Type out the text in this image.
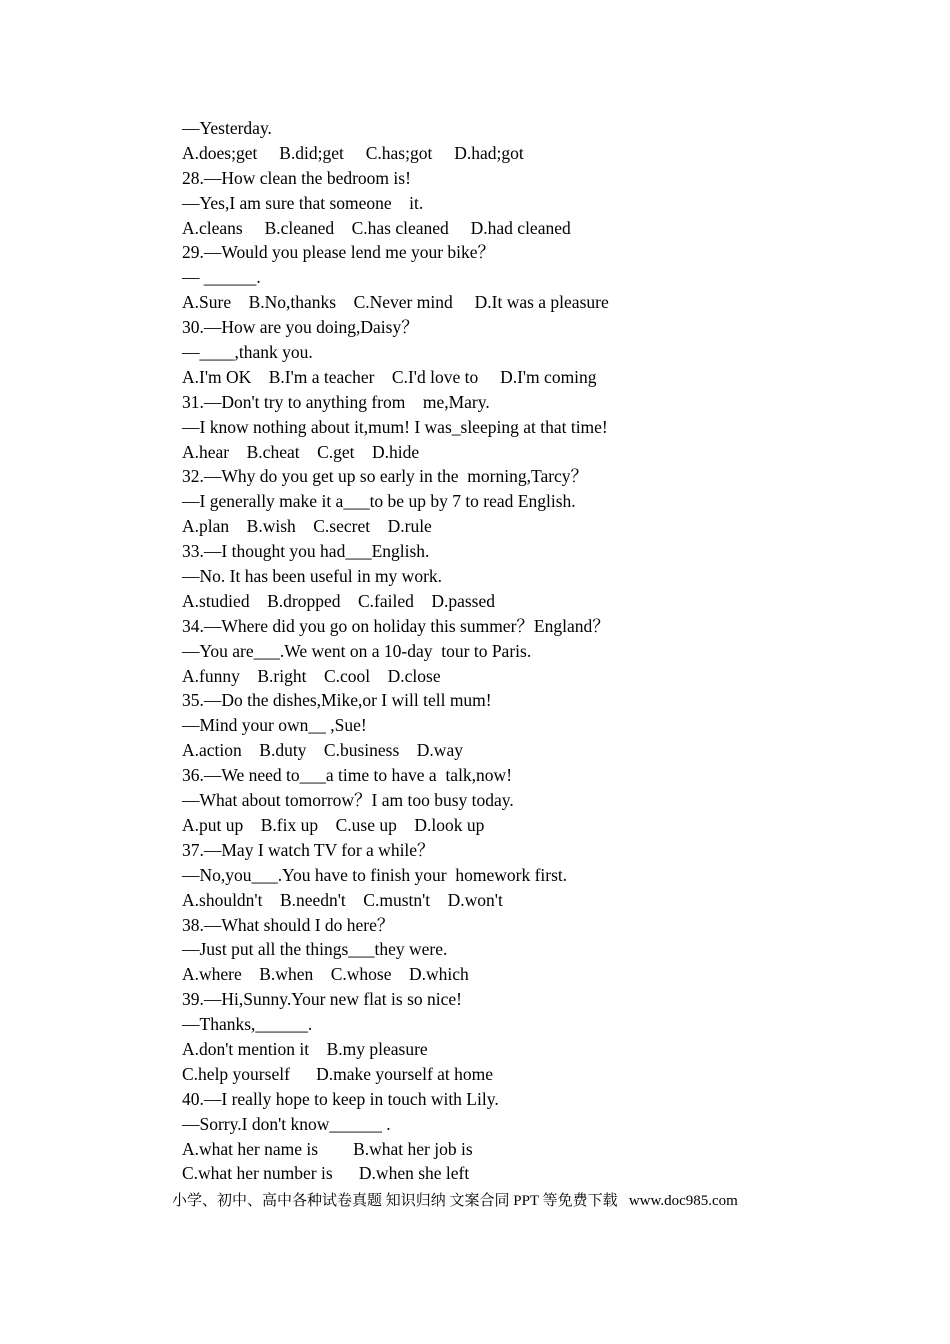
—Yesterday.
A.does;get     B.did;get     C.has;got     D.had;got
28.—How clean the bedroom is!
—Yes,I am sure that someone    it.
A.cleans     B.cleaned    C.has cleaned     D.had cleaned
29.—Would you please lend me your bike？
— ______.
A.Sure    B.No,thanks    C.Never mind     D.It was a pleasure
30.—How are you doing,Daisy？
—____,thank you.
A.I'm OK    B.I'm a teacher    C.I'd love to     D.I'm coming
31.—Don't try to anything from    me,Mary.
—I know nothing about it,mum! I was_sleeping at that time!
A.hear    B.cheat    C.get    D.hide
32.—Why do you get up so early in the  morning,Tarcy？
—I generally make it a___to be up by 7 to read English.
A.plan    B.wish    C.secret    D.rule
33.—I thought you had___English.
—No. It has been useful in my work.
A.studied    B.dropped    C.failed    D.passed
34.—Where did you go on holiday this summer？England？
—You are___.We went on a 10-day  tour to Paris.
A.funny    B.right    C.cool    D.close
35.—Do the dishes,Mike,or I will tell mum!
—Mind your own__ ,Sue!
A.action    B.duty    C.business    D.way
36.—We need to___a time to have a  talk,now!
—What about tomorrow？I am too busy today.
A.put up    B.fix up    C.use up    D.look up
37.—May I watch TV for a while？
—No,you___.You have to finish your  homework first.
A.shouldn't    B.needn't    C.mustn't    D.won't
38.—What should I do here？
—Just put all the things___they were.
A.where    B.when    C.whose    D.which
39.—Hi,Sunny.Your new flat is so nice!
—Thanks,______.
A.don't mention it    B.my pleasure
C.help yourself      D.make yourself at home
40.—I really hope to keep in touch with Lily.
—Sorry.I don't know______ .
A.what her name is        B.what her job is
C.what her number is      D.when she left
小学、初中、高中各种试卷真题 知识归纳 文案合同 PPT 等免费下载   www.doc985.com
